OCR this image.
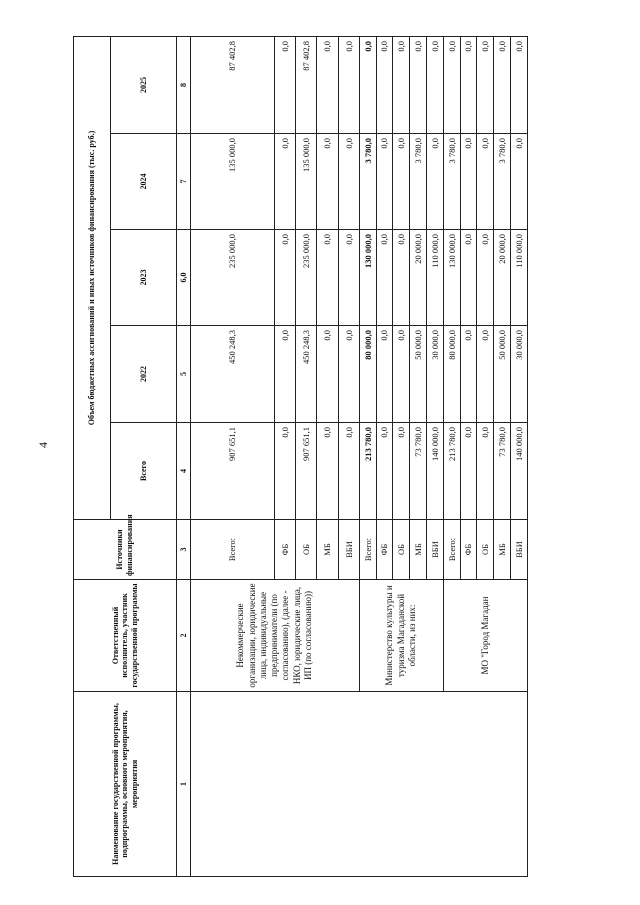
4
Наименование государственной программы, подпрограммы, основного мероприятия, мероприятия	Ответственный исполнитель, участник государственной программы	Источники финансирования	Объем бюджетных ассигнований и иных источников финансирования (тыс. руб.)				
			Всего	2022	2023	2024	2025
1	2	3	4	5	6,0	7	8
	Некоммерческие организации, юридические лица, индивидуальные предприниматели (по согласованию), (далее - НКО, юридические лица, ИП (по согласованию))	Всего:	907 651,1	450 248,3	235 000,0	135 000,0	87 402,8
		ФБ	0,0	0,0	0,0	0,0	0,0
		ОБ	907 651,1	450 248,3	235 000,0	135 000,0	87 402,8
		МБ	0,0	0,0	0,0	0,0	0,0
		ВБИ	0,0	0,0	0,0	0,0	0,0
	Министерство культуры и туризма Магаданской области, из них:	Всего:	213 780,0	80 000,0	130 000,0	3 780,0	0,0
		ФБ	0,0	0,0	0,0	0,0	0,0
		ОБ	0,0	0,0	0,0	0,0	0,0
		МБ	73 780,0	50 000,0	20 000,0	3 780,0	0,0
		ВБИ	140 000,0	30 000,0	110 000,0	0,0	0,0
	МО "Город Магадан	Всего:	213 780,0	80 000,0	130 000,0	3 780,0	0,0
		ФБ	0,0	0,0	0,0	0,0	0,0
		ОБ	0,0	0,0	0,0	0,0	0,0
		МБ	73 780,0	50 000,0	20 000,0	3 780,0	0,0
		ВБИ	140 000,0	30 000,0	110 000,0	0,0	0,0
